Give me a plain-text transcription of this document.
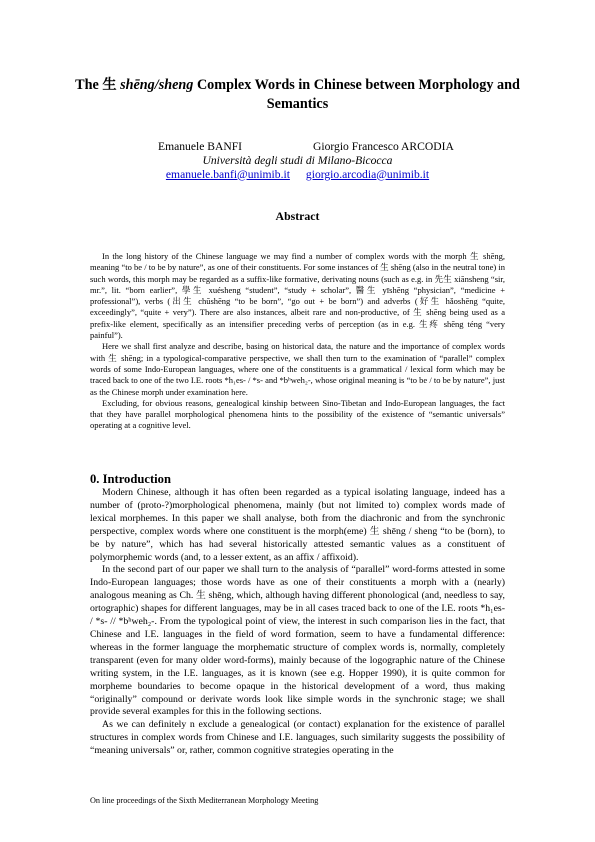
The 生 shēng/sheng Complex Words in Chinese between Morphology and Semantics
Emanuele BANFI	Giorgio Francesco ARCODIA
Università degli studi di Milano-Bicocca
emanuele.banfi@unimib.it giorgio.arcodia@unimib.it
Abstract

In the long history of the Chinese language we may find a number of complex words with the morph 生 shēng, meaning “to be / to be by nature”, as one of their constituents. For some instances of 生 shēng (also in the neutral tone) in such words, this morph may be regarded as a suffix-like formative, derivating nouns (such as e.g. in 先生 xiānsheng “sir, mr.”, lit. “born earlier”, 學生 xuésheng “student”, “study + scholar”, 醫生 yīshēng “physician”, “medicine + professional”), verbs (出生 chūshēng “to be born”, “go out + be born”) and adverbs (好生 hǎoshēng “quite, exceedingly”, “quite + very”). There are also instances, albeit rare and non-productive, of 生 shēng being used as a prefix-like element, specifically as an intensifier preceding verbs of perception (as in e.g. 生疼 shēng téng “very painful”).

Here we shall first analyze and describe, basing on historical data, the nature and the importance of complex words with 生 shēng; in a typological-comparative perspective, we shall then turn to the examination of “parallel” complex words of some Indo-European languages, where one of the constituents is a grammatical / lexical form which may be traced back to one of the two I.E. roots *h₁es- / *s- and *bʰweh₂-, whose original meaning is “to be / to be by nature”, just as the Chinese morph under examination here.

Excluding, for obvious reasons, genealogical kinship between Sino-Tibetan and Indo-European languages, the fact that they have parallel morphological phenomena hints to the possibility of the existence of “semantic universals” operating at a cognitive level.

0. Introduction

Modern Chinese, although it has often been regarded as a typical isolating language, indeed has a number of (proto-?)morphological phenomena, mainly (but not limited to) complex words made of lexical morphemes. In this paper we shall analyse, both from the diachronic and from the synchronic perspective, complex words where one constituent is the morph(eme) 生 shēng / sheng “to be (born), to be by nature”, which has had several historically attested semantic values as a constituent of polymorphemic words (and, to a lesser extent, as an affix / affixoid).

In the second part of our paper we shall turn to the analysis of “parallel” word-forms attested in some Indo-European languages; those words have as one of their constituents a morph with a (nearly) analogous meaning as Ch. 生 shēng, which, although having different phonological (and, needless to say, ortographic) shapes for different languages, may be in all cases traced back to one of the I.E. roots *h₁es- / *s- // *bʰweh₂-. From the typological point of view, the interest in such comparison lies in the fact, that Chinese and I.E. languages in the field of word formation, seem to have a fundamental difference: whereas in the former language the morphematic structure of complex words is, normally, completely transparent (even for many older word-forms), mainly because of the logographic nature of the Chinese writing system, in the I.E. languages, as it is known (see e.g. Hopper 1990), it is quite common for morpheme boundaries to become opaque in the historical development of a word, thus making “originally” compound or derivate words look like simple words in the synchronic stage; we shall provide several examples for this in the following sections.

As we can definitely n exclude a genealogical (or contact) explanation for the existence of parallel structures in complex words from Chinese and I.E. languages, such similarity suggests the possibility of “meaning universals” or, rather, common cognitive strategies operating in the

On line proceedings of the Sixth Mediterranean Morphology Meeting
